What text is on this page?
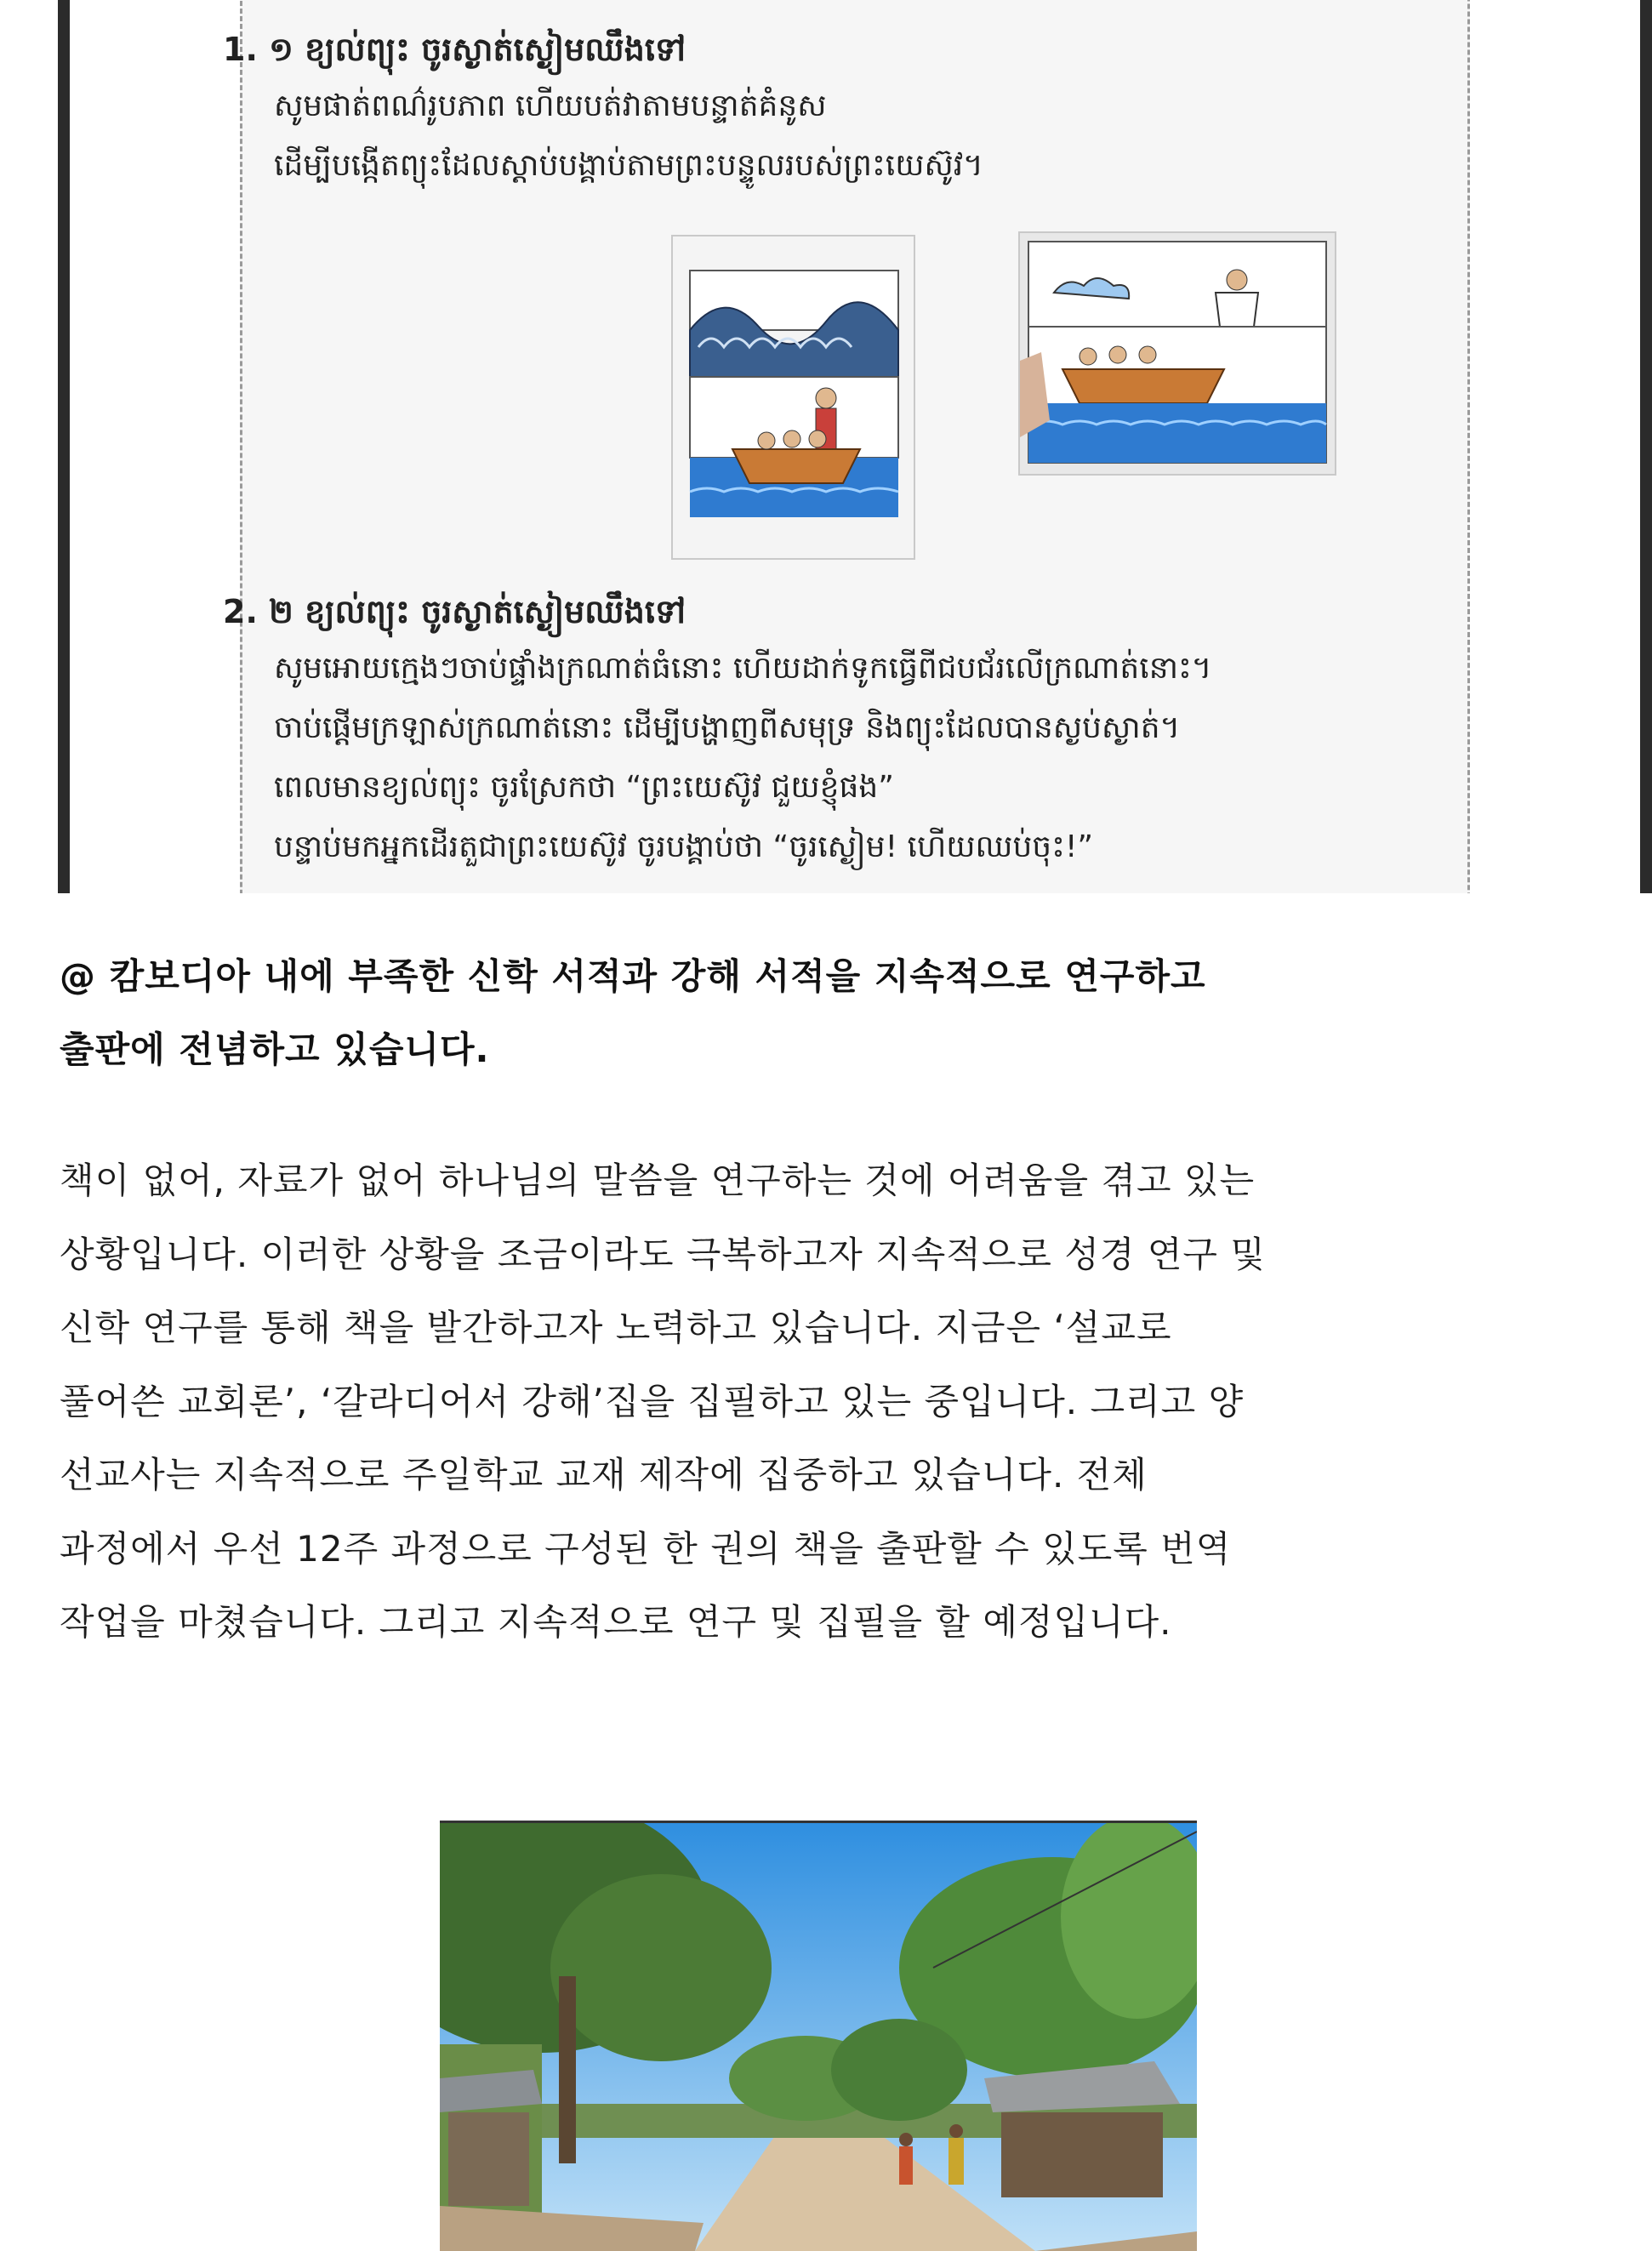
1. ១ ខ្យល់ព្យុះ ចូរស្ងាត់ស្ងៀមឈឹងទៅ
សូមផាត់ពណ៌រូបភាព ហើយបត់វាតាមបន្ទាត់គំនូស
ដើម្បីបង្កើតព្យុះដែលស្តាប់បង្គាប់តាមព្រះបន្ទូលរបស់ព្រះយេស៊ូវ។
2. ២ ខ្យល់ព្យុះ ចូរស្ងាត់ស្ងៀមឈឹងទៅ
សូមអោយក្មេងៗចាប់ផ្ទាំងក្រណាត់ធំនោះ ហើយដាក់ទូកធ្វើពីជបជ័រលើក្រណាត់នោះ។
ចាប់ផ្តើមក្រឡាស់ក្រណាត់នោះ ដើម្បីបង្ហាញពីសមុទ្រ និងព្យុះដែលបានស្ងប់ស្ងាត់។
ពេលមានខ្យល់ព្យុះ ចូរស្រែកថា “ព្រះយេស៊ូវ ជួយខ្ញុំផង”
បន្ទាប់មកអ្នកដើរតួជាព្រះយេស៊ូវ ចូរបង្គាប់ថា “ចូរស្ងៀម! ហើយឈប់ចុះ!”
@ 캄보디아 내에 부족한 신학 서적과 강해 서적을 지속적으로 연구하고
출판에 전념하고 있습니다.
책이 없어, 자료가 없어 하나님의 말씀을 연구하는 것에 어려움을 겪고 있는
상황입니다. 이러한 상황을 조금이라도 극복하고자 지속적으로 성경 연구 및
신학 연구를 통해 책을 발간하고자 노력하고 있습니다. 지금은 ‘설교로
풀어쓴 교회론’, ‘갈라디어서 강해’집을 집필하고 있는 중입니다. 그리고 양
선교사는 지속적으로 주일학교 교재 제작에 집중하고 있습니다. 전체
과정에서 우선 12주 과정으로 구성된 한 권의 책을 출판할 수 있도록 번역
작업을 마쳤습니다. 그리고 지속적으로 연구 및 집필을 할 예정입니다.
